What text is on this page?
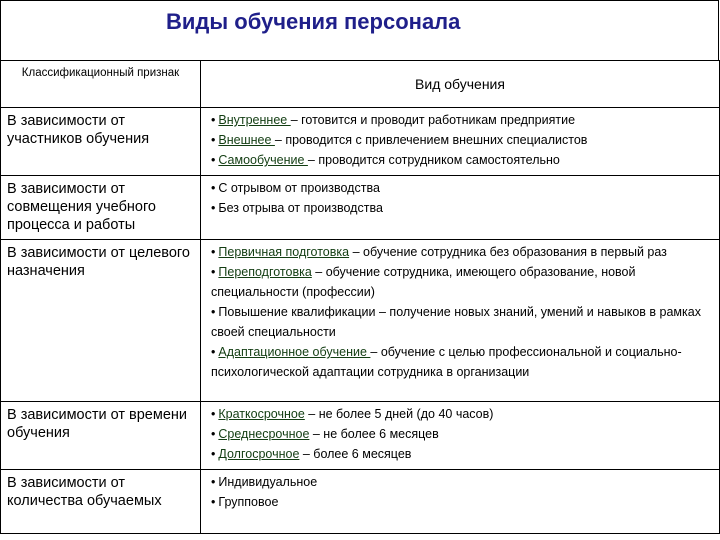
Виды обучения персонала
Классификационный признак	Вид обучения
В зависимости от участников обучения	• Внутреннее – готовится и проводит работникам предприятие
• Внешнее – проводится с привлечением внешних специалистов
• Самообучение – проводится сотрудником самостоятельно

В зависимости от совмещения учебного процесса и работы	• С отрывом от производства
• Без отрыва от производства

В зависимости от целевого назначения	• Первичная подготовка – обучение сотрудника без образования в первый раз
• Переподготовка – обучение сотрудника, имеющего образование, новой специальности (профессии)
• Повышение квалификации – получение новых знаний, умений и навыков в рамках своей специальности
• Адаптационное обучение – обучение с целью профессиональной и социально-психологической адаптации сотрудника в организации

В зависимости от времени обучения	• Краткосрочное – не более 5 дней (до 40 часов)
• Среднесрочное – не более 6 месяцев
• Долгосрочное – более 6 месяцев

В зависимости от количества обучаемых	• Индивидуальное
• Групповое
